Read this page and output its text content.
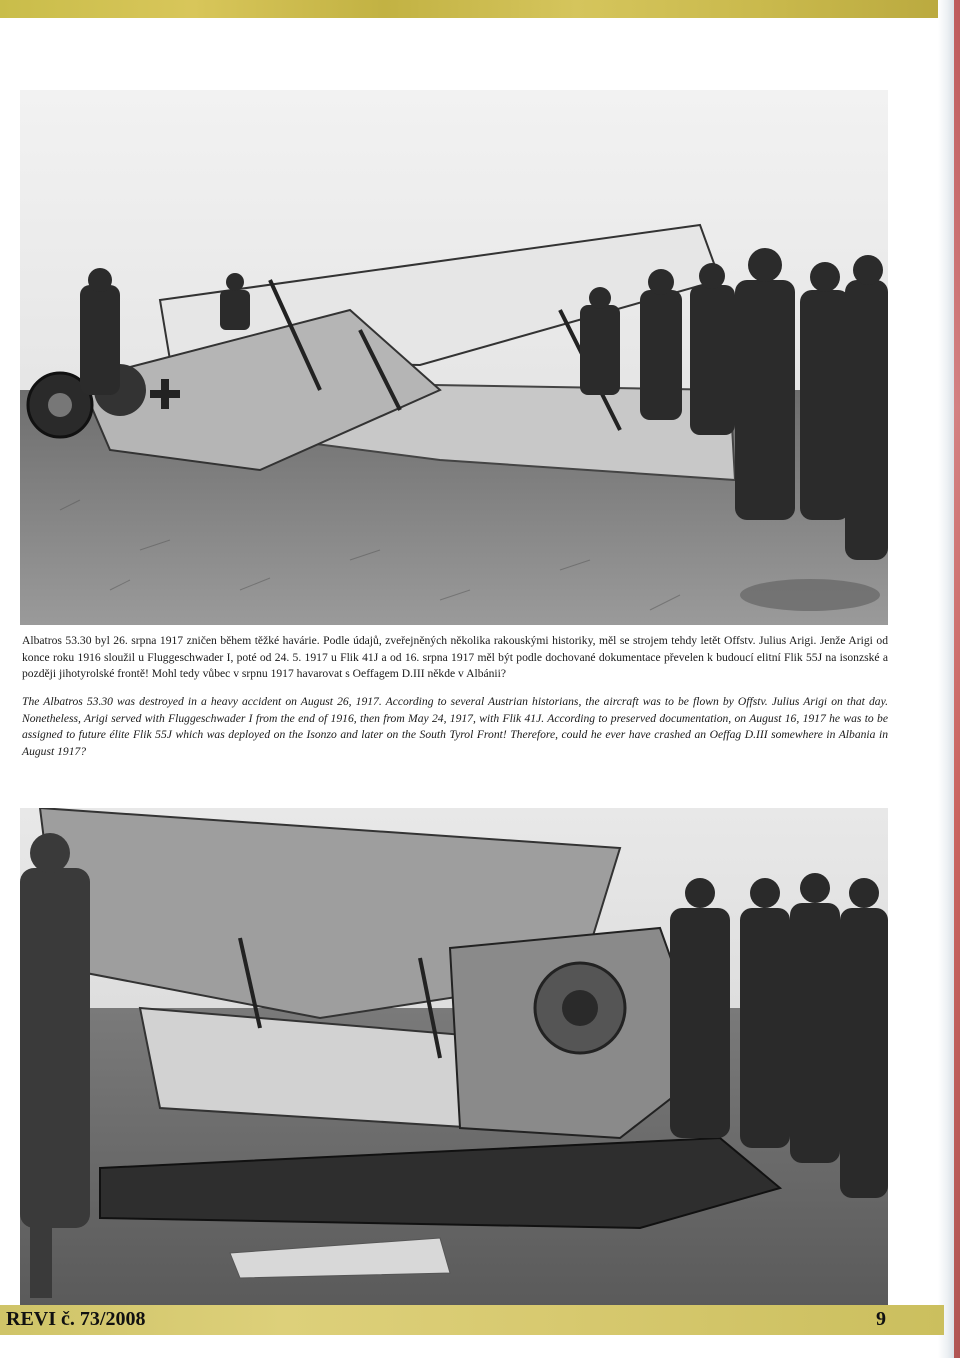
Albatros 53.30 byl 26. srpna 1917 zničen během těžké havárie. Podle údajů, zveřejněných několika rakouskými historiky, měl se strojem tehdy letět Offstv. Julius Arigi. Jenže Arigi od konce roku 1916 sloužil u Fluggeschwader I, poté od 24. 5. 1917 u Flik 41J a od 16. srpna 1917 měl být podle dochované dokumentace převelen k budoucí elitní Flik 55J na isonzské a později jihotyrolské frontě! Mohl tedy vůbec v srpnu 1917 havarovat s Oeffagem D.III někde v Albánii?
The Albatros 53.30 was destroyed in a heavy accident on August 26, 1917. According to several Austrian historians, the aircraft was to be flown by Offstv. Julius Arigi on that day. Nonetheless, Arigi served with Fluggeschwader I from the end of 1916, then from May 24, 1917, with Flik 41J. According to preserved documentation, on August 16, 1917 he was to be assigned to future élite Flik 55J which was deployed on the Isonzo and later on the South Tyrol Front! Therefore, could he ever have crashed an Oeffag D.III somewhere in Albania in August 1917?
REVI č. 73/2008	9
